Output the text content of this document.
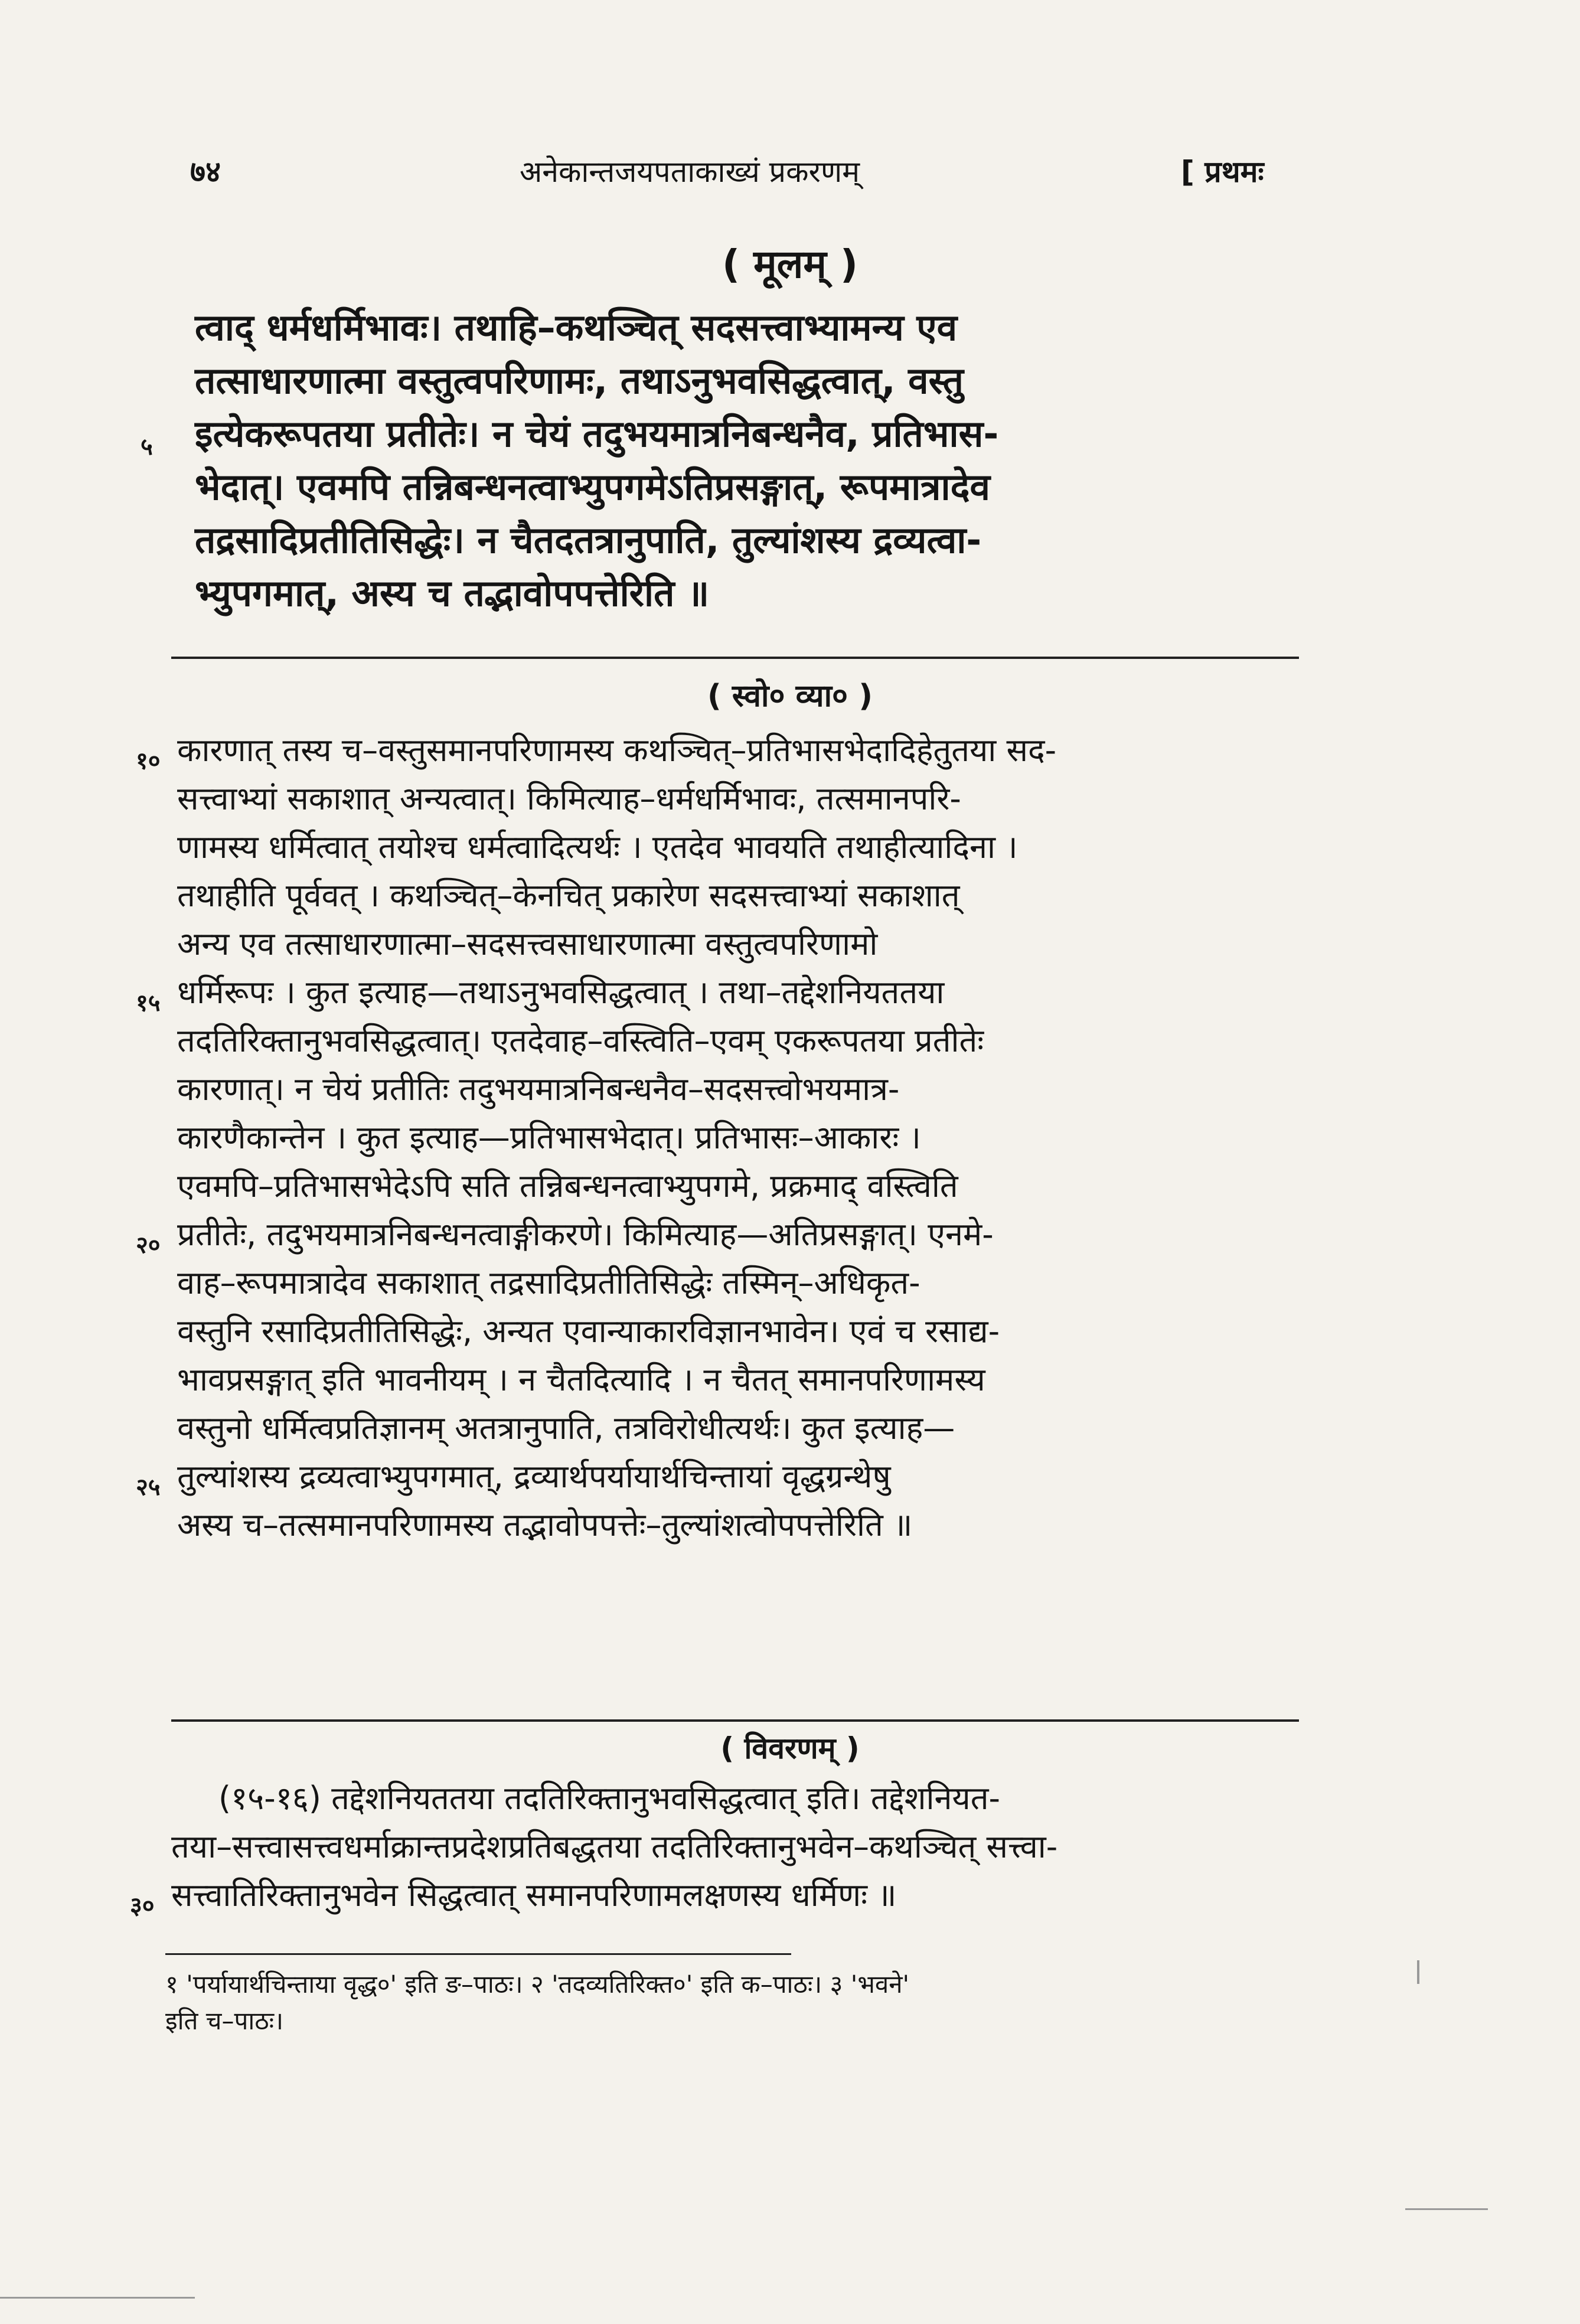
७४	अनेकान्तजयपताकाख्यं प्रकरणम्	[ प्रथमः
( मूलम् )
त्वाद् धर्मधर्मिभावः। तथाहि–कथञ्चित् सदसत्त्वाभ्यामन्य एव
तत्साधारणात्मा वस्तुत्वपरिणामः, तथाऽनुभवसिद्धत्वात्, वस्तु
५ इत्येकरूपतया प्रतीतेः। न चेयं तदुभयमात्रनिबन्धनैव, प्रतिभास-
भेदात्। एवमपि तन्निबन्धनत्वाभ्युपगमेऽतिप्रसङ्गात्, रूपमात्रादेव
तद्रसादिप्रतीतिसिद्धेः। न चैतदतत्रानुपाति, तुल्यांशस्य द्रव्यत्वा-
भ्युपगमात्, अस्य च तद्भावोपपत्तेरिति ॥
( स्वो० व्या० )
१० कारणात् तस्य च–वस्तुसमानपरिणामस्य कथञ्चित्–प्रतिभासभेदादिहेतुतया सद-
सत्त्वाभ्यां सकाशात् अन्यत्वात्। किमित्याह–धर्मधर्मिभावः, तत्समानपरि-
णामस्य धर्मित्वात् तयोश्च धर्मत्वादित्यर्थः । एतदेव भावयति तथाहीत्यादिना ।
तथाहीति पूर्ववत् । कथञ्चित्–केनचित् प्रकारेण सदसत्त्वाभ्यां सकाशात्
अन्य एव तत्साधारणात्मा–सदसत्त्वसाधारणात्मा वस्तुत्वपरिणामो
१५ धर्मिरूपः । कुत इत्याह—तथाऽनुभवसिद्धत्वात् । तथा–तद्देशनियततया
तदतिरिक्तानुभवसिद्धत्वात्। एतदेवाह–वस्त्विति–एवम् एकरूपतया प्रतीतेः
कारणात्। न चेयं प्रतीतिः तदुभयमात्रनिबन्धनैव–सदसत्त्वोभयमात्र-
कारणैकान्तेन । कुत इत्याह—प्रतिभासभेदात्। प्रतिभासः–आकारः ।
एवमपि–प्रतिभासभेदेऽपि सति तन्निबन्धनत्वाभ्युपगमे, प्रक्रमाद् वस्त्विति
२० प्रतीतेः, तदुभयमात्रनिबन्धनत्वाङ्गीकरणे। किमित्याह—अतिप्रसङ्गात्। एनमे-
वाह–रूपमात्रादेव सकाशात् तद्रसादिप्रतीतिसिद्धेः तस्मिन्–अधिकृत-
वस्तुनि रसादिप्रतीतिसिद्धेः, अन्यत एवान्याकारविज्ञानभावेन। एवं च रसाद्य-
भावप्रसङ्गात् इति भावनीयम् । न चैतदित्यादि । न चैतत् समानपरिणामस्य
वस्तुनो धर्मित्वप्रतिज्ञानम् अतत्रानुपाति, तत्रविरोधीत्यर्थः। कुत इत्याह—
२५ तुल्यांशस्य द्रव्यत्वाभ्युपगमात्, द्रव्यार्थपर्यायार्थचिन्तायां वृद्धग्रन्थेषु
अस्य च–तत्समानपरिणामस्य तद्भावोपपत्तेः–तुल्यांशत्वोपपत्तेरिति ॥
( विवरणम् )
(१५-१६) तद्देशनियततया तदतिरिक्तानुभवसिद्धत्वात् इति। तद्देशनियत-
तया–सत्त्वासत्त्वधर्माक्रान्तप्रदेशप्रतिबद्धतया तदतिरिक्तानुभवेन–कथञ्चित् सत्त्वा-
३० सत्त्वातिरिक्तानुभवेन सिद्धत्वात् समानपरिणामलक्षणस्य धर्मिणः ॥
१ 'पर्यायार्थचिन्ताया वृद्ध०' इति ङ–पाठः। २ 'तदव्यतिरिक्त०' इति क–पाठः। ३ 'भवने'
इति च–पाठः।
